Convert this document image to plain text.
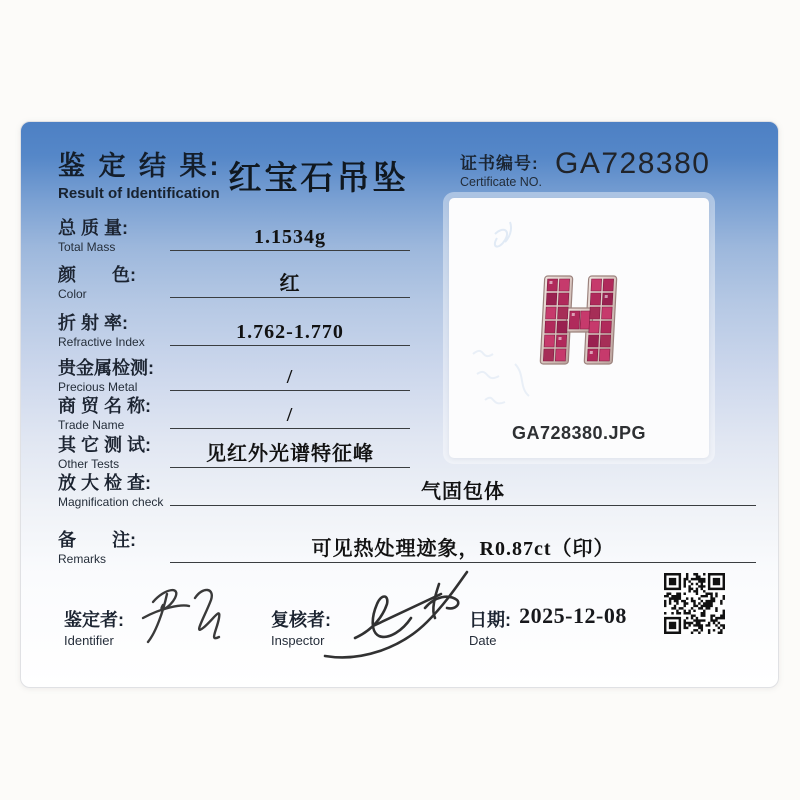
鉴 定 结 果:
Result of Identification 红宝石吊坠	证书编号:
Certificate NO.
GA728380
总 质 量:
Total Mass	1.1534g
颜　　色:
Color	红
折 射 率:
Refractive Index	1.762-1.770
贵金属检测:
Precious Metal	/
商 贸 名 称:
Trade Name	/
其 它 测 试:
Other Tests	见红外光谱特征峰
放 大 检 查:
Magnification check	气固包体
备　　注:
Remarks	可见热处理迹象，R0.87ct（印）
GA728380.JPG
鉴定者:
Identifier
复核者:
Inspector
日期:
Date
2025-12-08
